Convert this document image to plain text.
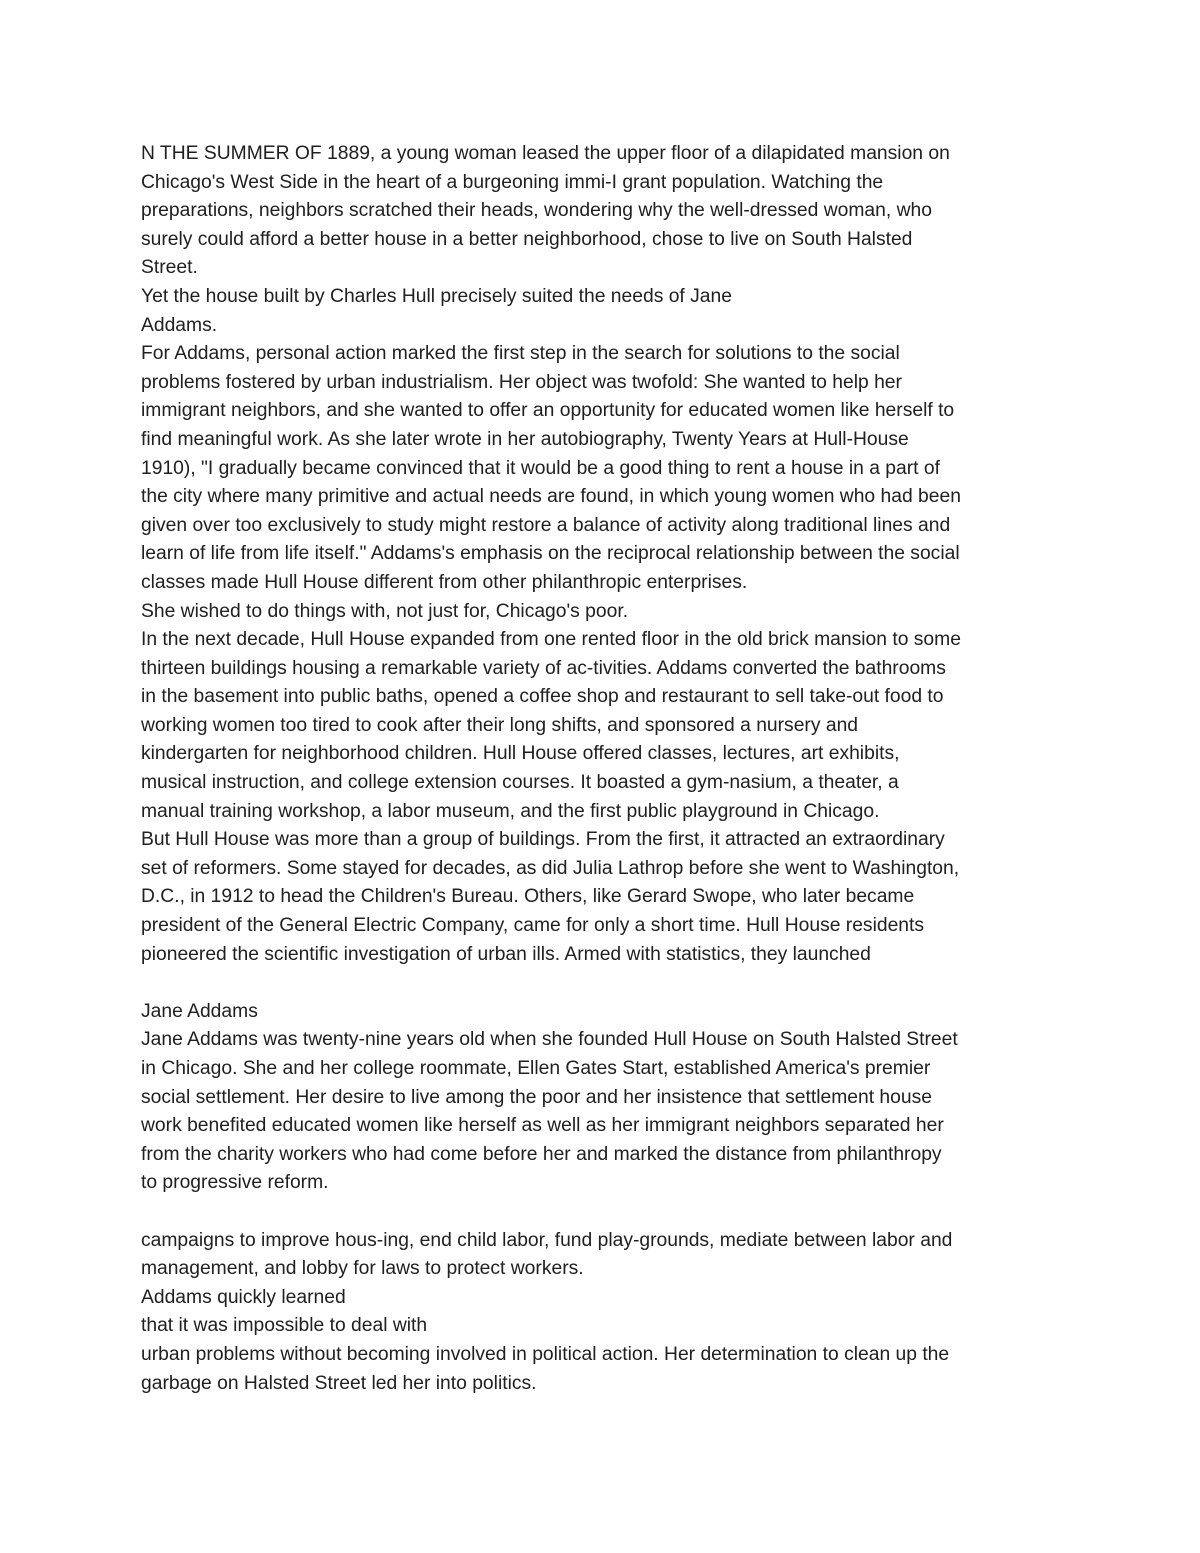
N THE SUMMER OF 1889, a young woman leased the upper floor of a dilapidated mansion on
Chicago's West Side in the heart of a burgeoning immi-I grant population. Watching the
preparations, neighbors scratched their heads, wondering why the well-dressed woman, who
surely could afford a better house in a better neighborhood, chose to live on South Halsted
Street.
Yet the house built by Charles Hull precisely suited the needs of Jane
Addams.
For Addams, personal action marked the first step in the search for solutions to the social
problems fostered by urban industrialism. Her object was twofold: She wanted to help her
immigrant neighbors, and she wanted to offer an opportunity for educated women like herself to
find meaningful work. As she later wrote in her autobiography, Twenty Years at Hull-House
1910), "I gradually became convinced that it would be a good thing to rent a house in a part of
the city where many primitive and actual needs are found, in which young women who had been
given over too exclusively to study might restore a balance of activity along traditional lines and
learn of life from life itself." Addams's emphasis on the reciprocal relationship between the social
classes made Hull House different from other philanthropic enterprises.
She wished to do things with, not just for, Chicago's poor.
In the next decade, Hull House expanded from one rented floor in the old brick mansion to some
thirteen buildings housing a remarkable variety of ac-tivities. Addams converted the bathrooms
in the basement into public baths, opened a coffee shop and restaurant to sell take-out food to
working women too tired to cook after their long shifts, and sponsored a nursery and
kindergarten for neighborhood children. Hull House offered classes, lectures, art exhibits,
musical instruction, and college extension courses. It boasted a gym-nasium, a theater, a
manual training workshop, a labor museum, and the first public playground in Chicago.
But Hull House was more than a group of buildings. From the first, it attracted an extraordinary
set of reformers. Some stayed for decades, as did Julia Lathrop before she went to Washington,
D.C., in 1912 to head the Children's Bureau. Others, like Gerard Swope, who later became
president of the General Electric Company, came for only a short time. Hull House residents
pioneered the scientific investigation of urban ills. Armed with statistics, they launched
Jane Addams
Jane Addams was twenty-nine years old when she founded Hull House on South Halsted Street
in Chicago. She and her college roommate, Ellen Gates Start, established America's premier
social settlement. Her desire to live among the poor and her insistence that settlement house
work benefited educated women like herself as well as her immigrant neighbors separated her
from the charity workers who had come before her and marked the distance from philanthropy
to progressive reform.
campaigns to improve hous-ing, end child labor, fund play-grounds, mediate between labor and
management, and lobby for laws to protect workers.
Addams quickly learned
that it was impossible to deal with
urban problems without becoming involved in political action. Her determination to clean up the
garbage on Halsted Street led her into politics.
